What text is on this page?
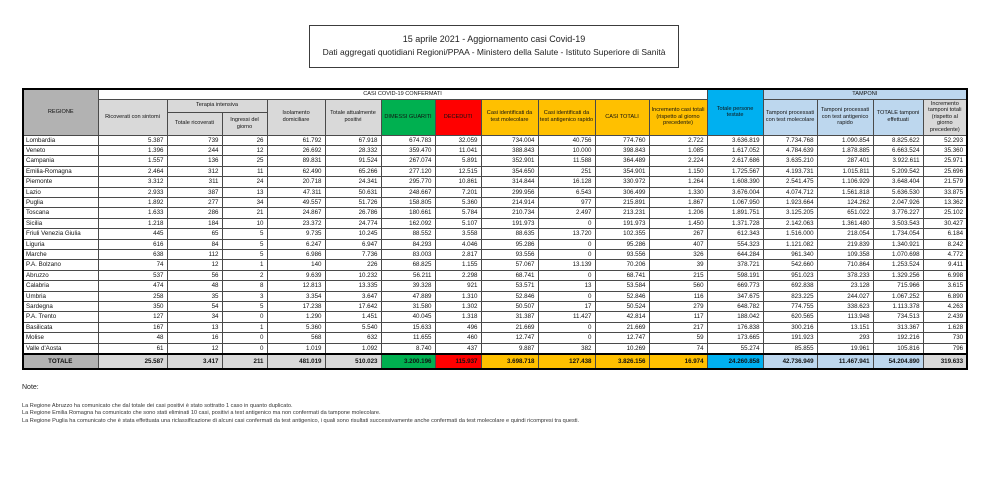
15 aprile 2021 - Aggiornamento casi Covid-19
Dati aggregati quotidiani Regioni/PPAA - Ministero della Salute - Istituto Superiore di Sanità
REGIONE	CASI COVID-19 CONFERMATI											Totale persone testate	TAMPONI			
	Ricoverati con sintomi	Terapia intensiva		Isolamento domiciliare	Totale attualmente positivi	DIMESSI GUARITI	DECEDUTI	Casi identificati da test molecolare	Casi identificati da test antigenico rapido	CASI TOTALI	Incremento casi totali (rispetto al giorno precedente)		Tamponi processati con test molecolare	Tamponi processati con test antigenico rapido	TOTALE tamponi effettuati	Incremento tamponi totali (rispetto al giorno precedente)
		Totale ricoverati	Ingressi del giorno													
Lombardia	5.387	739	26	61.792	67.918	674.783	32.059	734.004	40.756	774.760	2.722	3.636.819	7.734.768	1.090.854	8.825.622	52.293
Veneto	1.396	244	12	26.692	28.332	359.470	11.041	388.843	10.000	398.843	1.085	1.617.052	4.784.639	1.878.885	6.663.524	35.360
Campania	1.557	136	25	89.831	91.524	267.074	5.891	352.901	11.588	364.489	2.224	2.617.686	3.635.210	287.401	3.922.611	25.971
Emilia-Romagna	2.464	312	11	62.490	65.266	277.120	12.515	354.650	251	354.901	1.150	1.725.567	4.193.731	1.015.811	5.209.542	25.696
Piemonte	3.312	311	24	20.718	24.341	295.770	10.861	314.844	16.128	330.972	1.264	1.608.390	2.541.475	1.106.929	3.648.404	21.579
Lazio	2.933	387	13	47.311	50.631	248.667	7.201	299.956	6.543	306.499	1.330	3.676.004	4.074.712	1.561.818	5.636.530	33.875
Puglia	1.892	277	34	49.557	51.726	158.805	5.360	214.914	977	215.891	1.867	1.067.950	1.923.664	124.262	2.047.926	13.362
Toscana	1.633	286	21	24.867	26.786	180.661	5.784	210.734	2.497	213.231	1.206	1.891.751	3.125.205	651.022	3.776.227	25.102
Sicilia	1.218	184	10	23.372	24.774	162.092	5.107	191.973	0	191.973	1.450	1.371.728	2.142.063	1.361.480	3.503.543	30.427
Friuli Venezia Giulia	445	65	5	9.735	10.245	88.552	3.558	88.635	13.720	102.355	267	612.343	1.516.000	218.054	1.734.054	6.184
Liguria	616	84	5	6.247	6.947	84.293	4.046	95.286	0	95.286	407	554.323	1.121.082	219.839	1.340.921	8.242
Marche	638	112	5	6.986	7.736	83.003	2.817	93.556	0	93.556	326	644.284	961.340	109.358	1.070.698	4.772
P.A. Bolzano	74	12	1	140	226	68.825	1.155	57.067	13.139	70.206	39	378.721	542.660	710.864	1.253.524	9.411
Abruzzo	537	56	2	9.639	10.232	56.211	2.298	68.741	0	68.741	215	598.191	951.023	378.233	1.329.256	6.998
Calabria	474	48	8	12.813	13.335	39.328	921	53.571	13	53.584	560	669.773	692.838	23.128	715.966	3.615
Umbria	258	35	3	3.354	3.647	47.889	1.310	52.846	0	52.846	116	347.675	823.225	244.027	1.067.252	6.890
Sardegna	350	54	5	17.238	17.642	31.580	1.302	50.507	17	50.524	279	648.782	774.755	338.623	1.113.378	4.263
P.A. Trento	127	34	0	1.290	1.451	40.045	1.318	31.387	11.427	42.814	117	188.042	620.565	113.948	734.513	2.439
Basilicata	167	13	1	5.360	5.540	15.633	496	21.669	0	21.669	217	176.838	300.216	13.151	313.367	1.628
Molise	48	16	0	568	632	11.655	460	12.747	0	12.747	59	173.665	191.923	293	192.216	730
Valle d'Aosta	61	12	0	1.019	1.092	8.740	437	9.887	382	10.269	74	55.274	85.855	19.961	105.816	796
TOTALE	25.587	3.417	211	481.019	510.023	3.200.196	115.937	3.698.718	127.438	3.826.156	16.974	24.260.858	42.736.949	11.467.941	54.204.890	319.633
Note:
La Regione Abruzzo ha comunicato che dal totale dei casi positivi è stato sottratto 1 caso in quanto duplicato.
La Regione Emilia Romagna ha comunicato che sono stati eliminati 10 casi, positivi a test antigenico ma non confermati da tampone molecolare.
La Regione Puglia ha comunicato che è stata effettuata una riclassificazione di alcuni casi confermati da test antigenico, i quali sono risultati successivamente anche confermati da test molecolare e quindi ricompresi tra questi.
